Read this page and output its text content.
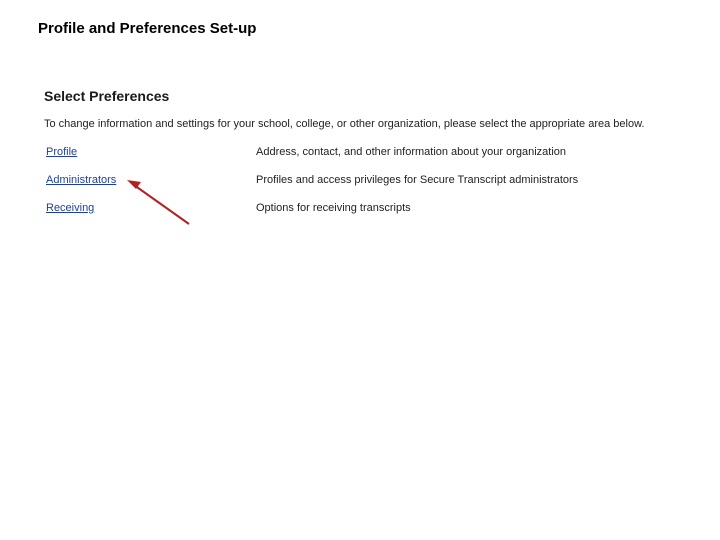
Profile and Preferences Set-up
Select Preferences
To change information and settings for your school, college, or other organization, please select the appropriate area below.
Profile	Address, contact, and other information about your organization
Administrators	Profiles and access privileges for Secure Transcript administrators
Receiving	Options for receiving transcripts
